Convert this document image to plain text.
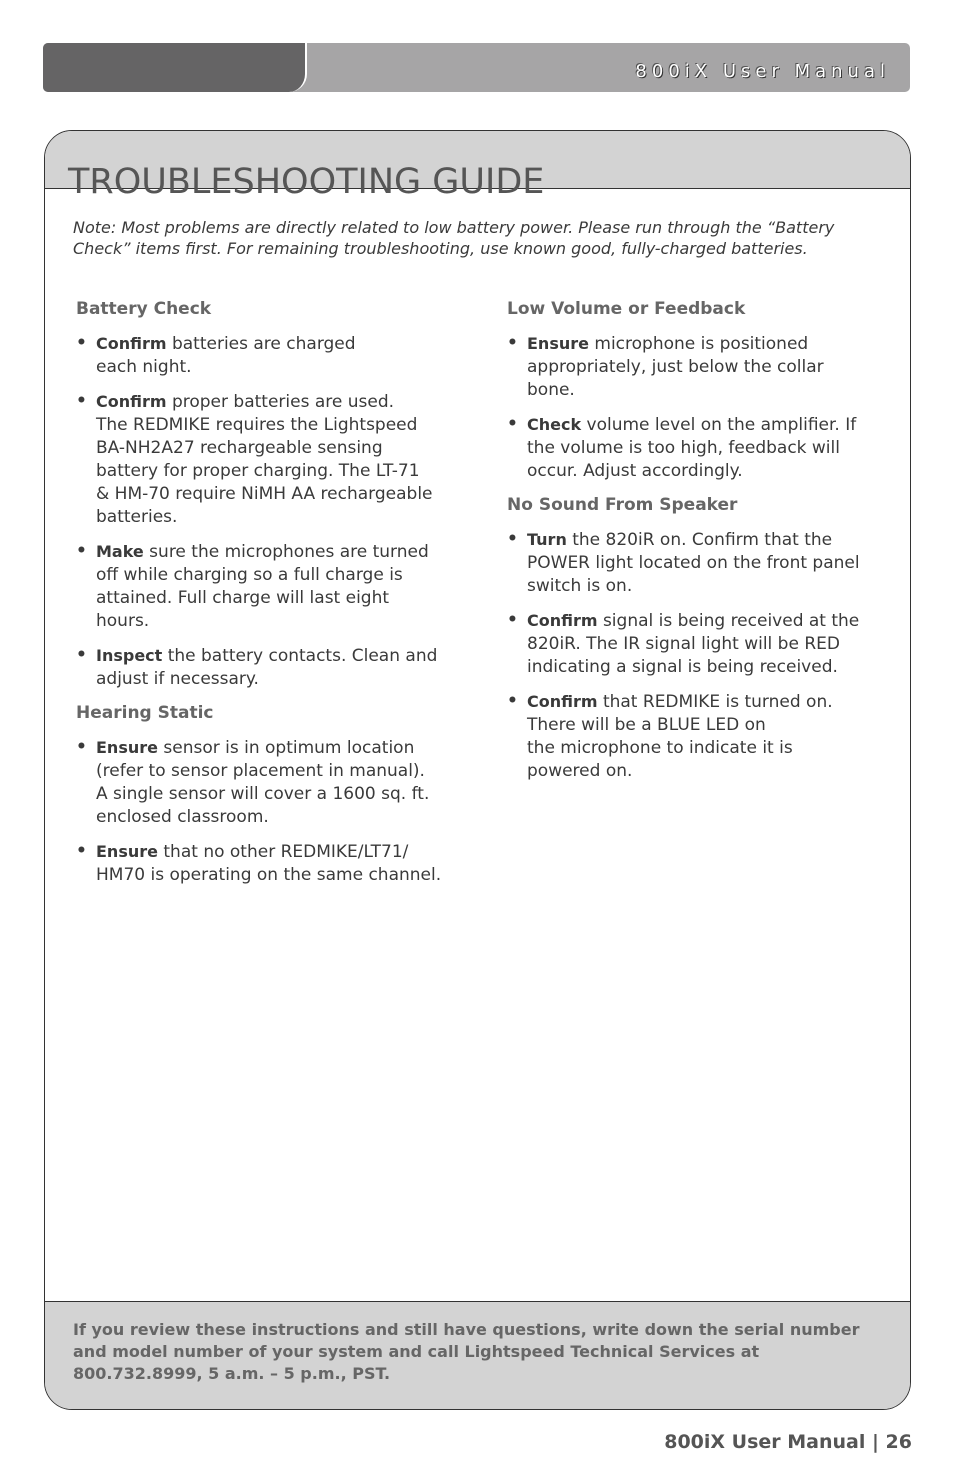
800iX User Manual
TROUBLESHOOTING GUIDE
Note: Most problems are directly related to low battery power. Please run through the “Battery Check” items first. For remaining troubleshooting, use known good, fully-charged batteries.
Battery Check
• Confirm batteries are charged
each night.
• Confirm proper batteries are used.
The REDMIKE requires the Lightspeed
BA-NH2A27 rechargeable sensing
battery for proper charging. The LT-71
& HM-70 require NiMH AA rechargeable
batteries.
• Make sure the microphones are turned
off while charging so a full charge is
attained. Full charge will last eight
hours.
• Inspect the battery contacts. Clean and
adjust if necessary.
Hearing Static
• Ensure sensor is in optimum location
(refer to sensor placement in manual).
A single sensor will cover a 1600 sq. ft.
enclosed classroom.
• Ensure that no other REDMIKE/LT71/
HM70 is operating on the same channel.
Low Volume or Feedback
• Ensure microphone is positioned
appropriately, just below the collar
bone.
• Check volume level on the amplifier. If
the volume is too high, feedback will
occur. Adjust accordingly.
No Sound From Speaker
• Turn the 820iR on. Confirm that the
POWER light located on the front panel
switch is on.
• Confirm signal is being received at the
820iR. The IR signal light will be RED
indicating a signal is being received.
• Confirm that REDMIKE is turned on.
There will be a BLUE LED on
the microphone to indicate it is
powered on.
If you review these instructions and still have questions, write down the serial number and model number of your system and call Lightspeed Technical Services at 800.732.8999, 5 a.m. – 5 p.m., PST.
800iX User Manual | 26
